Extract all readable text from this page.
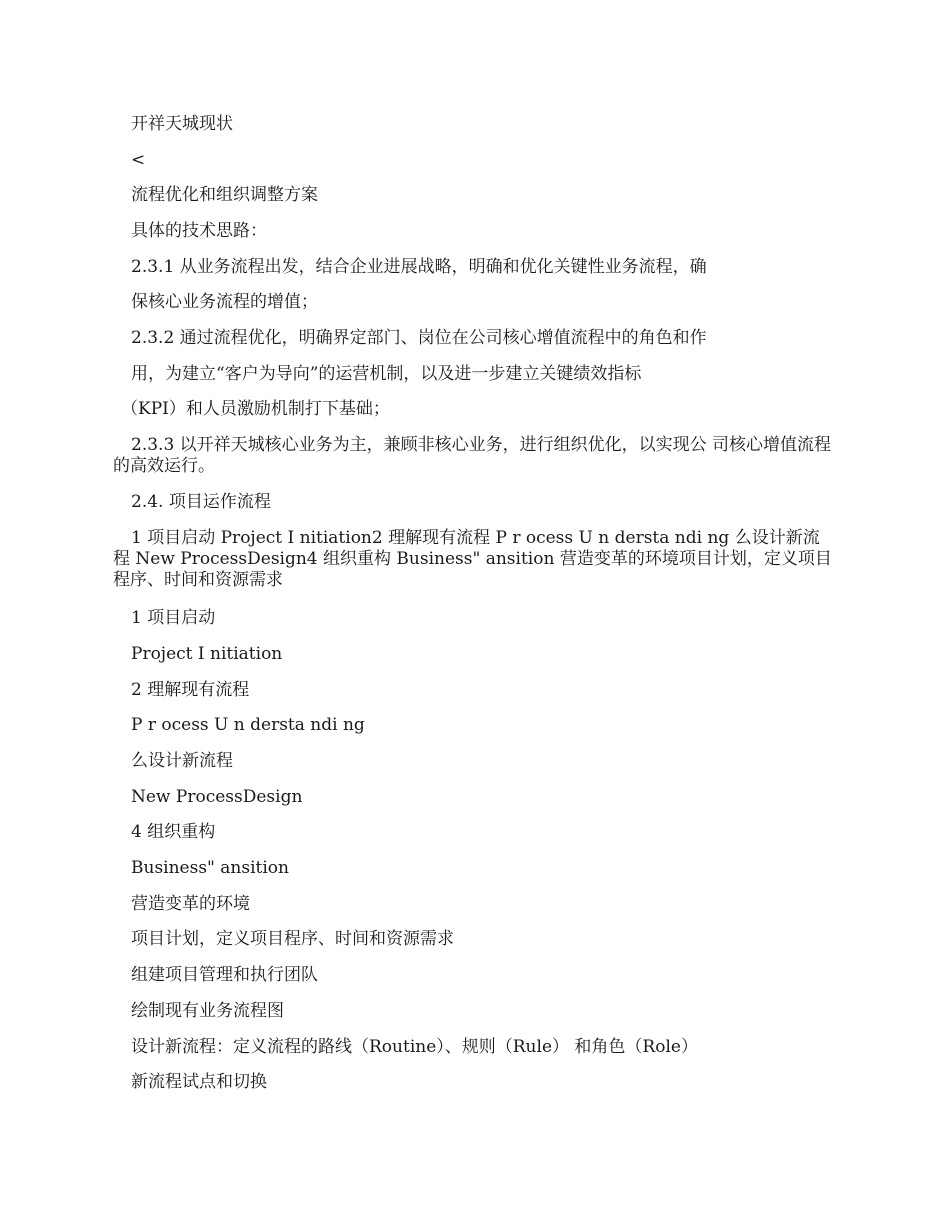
开祥天城现状
<
流程优化和组织调整方案
具体的技术思路：
2.3.1 从业务流程出发，结合企业进展战略，明确和优化关键性业务流程，确
保核心业务流程的增值；
2.3.2 通过流程优化，明确界定部门、岗位在公司核心增值流程中的角色和作
用，为建立“客户为导向”的运营机制，以及进一步建立关键绩效指标
（KPI）和人员激励机制打下基础；
2.3.3 以开祥天城核心业务为主，兼顾非核心业务，进行组织优化，以实现公 司核心增值流程的高效运行。
2.4. 项目运作流程
1 项目启动 Project I nitiation2 理解现有流程 P r ocess U n dersta ndi ng 么设计新流程 New ProcessDesign4 组织重构 Business" ansition 营造变革的环境项目计划，定义项目程序、时间和资源需求
1 项目启动
Project I nitiation
2 理解现有流程
P r ocess U n dersta ndi ng
么设计新流程
New ProcessDesign
4 组织重构
Business" ansition
营造变革的环境
项目计划，定义项目程序、时间和资源需求
组建项目管理和执行团队
绘制现有业务流程图
设计新流程：定义流程的路线（Routine）、规则（Rule） 和角色（Role）
新流程试点和切换
